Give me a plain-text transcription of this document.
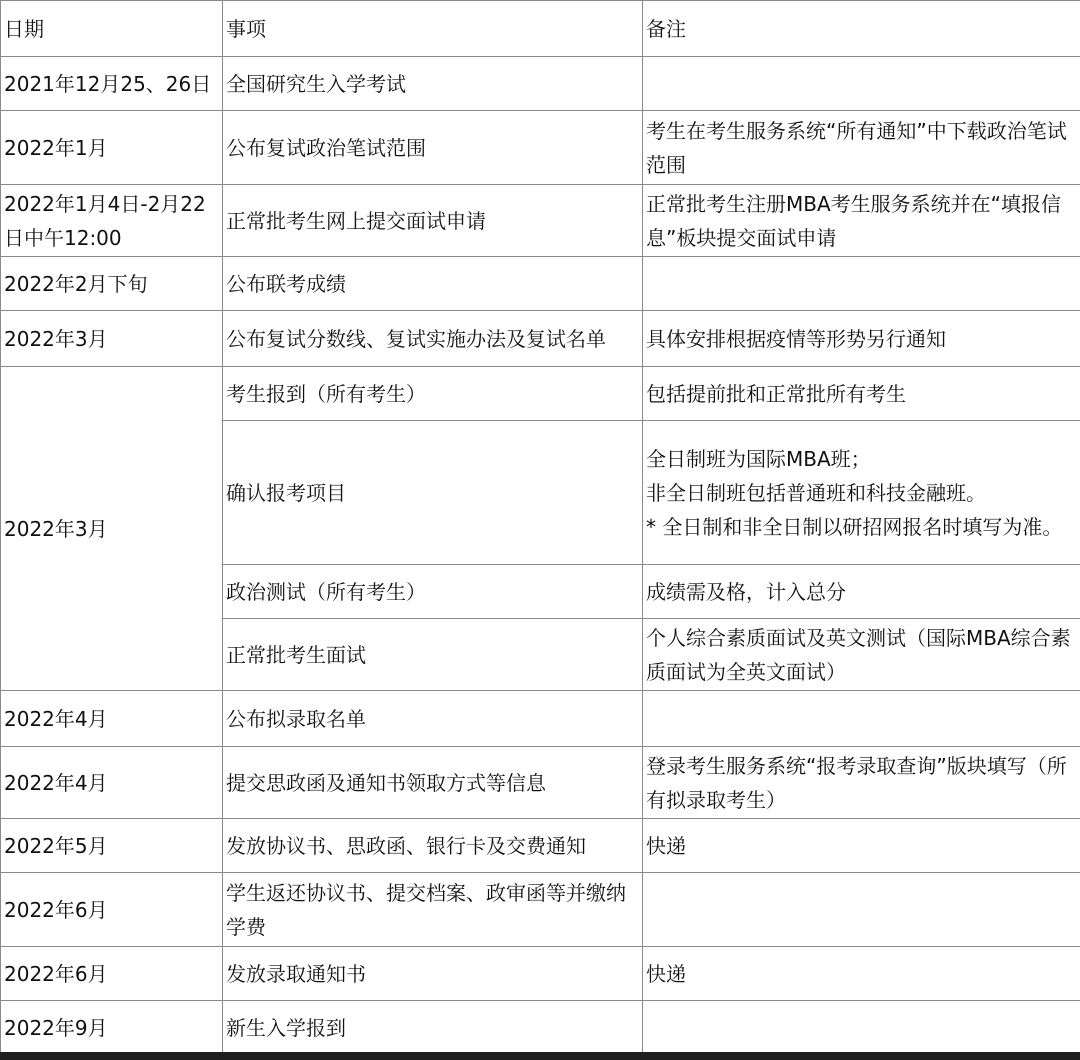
日期	事项	备注
2021年12月25、26日	全国研究生入学考试	
2022年1月	公布复试政治笔试范围	考生在考生服务系统“所有通知”中下载政治笔试范围
2022年1月4日-2月22日中午12:00	正常批考生网上提交面试申请	正常批考生注册MBA考生服务系统并在“填报信息”板块提交面试申请
2022年2月下旬	公布联考成绩	
2022年3月	公布复试分数线、复试实施办法及复试名单	具体安排根据疫情等形势另行通知
2022年3月	考生报到（所有考生）	包括提前批和正常批所有考生

	确认报考项目	全日制班为国际MBA班；
非全日制班包括普通班和科技金融班。
* 全日制和非全日制以研招网报名时填写为准。

	政治测试（所有考生）	成绩需及格，计入总分

	正常批考生面试	个人综合素质面试及英文测试（国际MBA综合素质面试为全英文面试）

2022年4月	公布拟录取名单	
2022年4月	提交思政函及通知书领取方式等信息	登录考生服务系统“报考录取查询”版块填写（所有拟录取考生）
2022年5月	发放协议书、思政函、银行卡及交费通知	快递
2022年6月	学生返还协议书、提交档案、政审函等并缴纳学费	
2022年6月	发放录取通知书	快递
2022年9月	新生入学报到	
